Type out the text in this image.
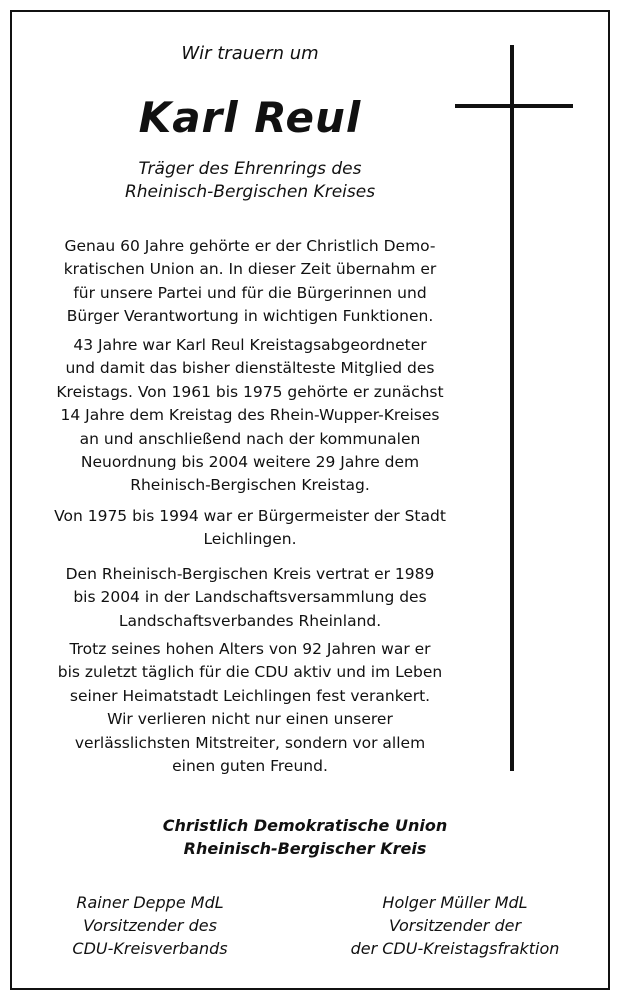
Wir trauern um
Karl Reul
Träger des Ehrenrings des
Rheinisch-Bergischen Kreises
Genau 60 Jahre gehörte er der Christlich Demo-
kratischen Union an. In dieser Zeit übernahm er
für unsere Partei und für die Bürgerinnen und
Bürger Verantwortung in wichtigen Funktionen.
43 Jahre war Karl Reul Kreistagsabgeordneter
und damit das bisher dienstälteste Mitglied des
Kreistags. Von 1961 bis 1975 gehörte er zunächst
14 Jahre dem Kreistag des Rhein-Wupper-Kreises
an und anschließend nach der kommunalen
Neuordnung bis 2004 weitere 29 Jahre dem
Rheinisch-Bergischen Kreistag.
Von 1975 bis 1994 war er Bürgermeister der Stadt
Leichlingen.
Den Rheinisch-Bergischen Kreis vertrat er 1989
bis 2004 in der Landschaftsversammlung des
Landschaftsverbandes Rheinland.
Trotz seines hohen Alters von 92 Jahren war er
bis zuletzt täglich für die CDU aktiv und im Leben
seiner Heimatstadt Leichlingen fest verankert.
Wir verlieren nicht nur einen unserer
verlässlichsten Mitstreiter, sondern vor allem
einen guten Freund.
Christlich Demokratische Union
Rheinisch-Bergischer Kreis
Rainer Deppe MdL
Vorsitzender des
CDU-Kreisverbands
Holger Müller MdL
Vorsitzender der
der CDU-Kreistagsfraktion
